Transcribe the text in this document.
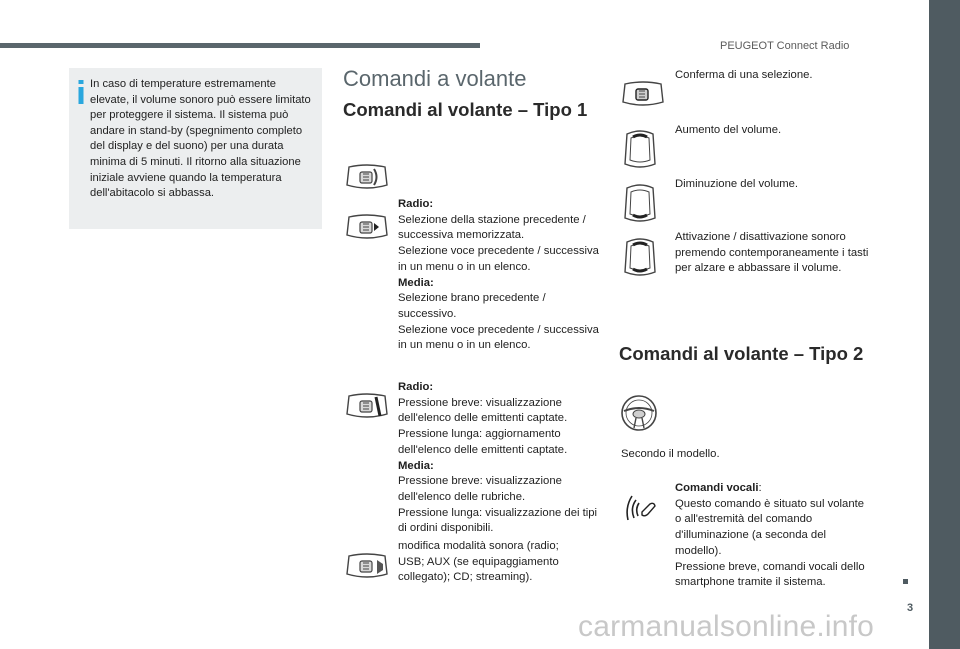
PEUGEOT Connect Radio
3
In caso di temperature estremamente elevate, il volume sonoro può essere limitato per proteggere il sistema. Il sistema può andare in stand-by (spegnimento completo del display e del suono) per una durata minima di 5 minuti. Il ritorno alla situazione iniziale avviene quando la temperatura dell'abitacolo si abbassa.
Comandi a volante
Comandi al volante – Tipo 1

Radio:

Selezione della stazione precedente / successiva memorizzata.

Selezione voce precedente / successiva in un menu o in un elenco.

Media:

Selezione brano precedente / successivo.

Selezione voce precedente / successiva in un menu o in un elenco.

Radio:

Pressione breve: visualizzazione dell'elenco delle emittenti captate.

Pressione lunga: aggiornamento dell'elenco delle emittenti captate.

Media:

Pressione breve: visualizzazione dell'elenco delle rubriche.

Pressione lunga: visualizzazione dei tipi di ordini disponibili.

modifica modalità sonora (radio; USB; AUX (se equipaggiamento collegato); CD; streaming).

Conferma di una selezione.
Aumento del volume.
Diminuzione del volume.
Attivazione / disattivazione sonoro premendo contemporaneamente i tasti per alzare e abbassare il volume.
Comandi al volante – Tipo 2
Secondo il modello.

Comandi vocali:

Questo comando è situato sul volante o all'estremità del comando d'illuminazione (a seconda del modello).

Pressione breve, comandi vocali dello smartphone tramite il sistema.

carmanualsonline.info
